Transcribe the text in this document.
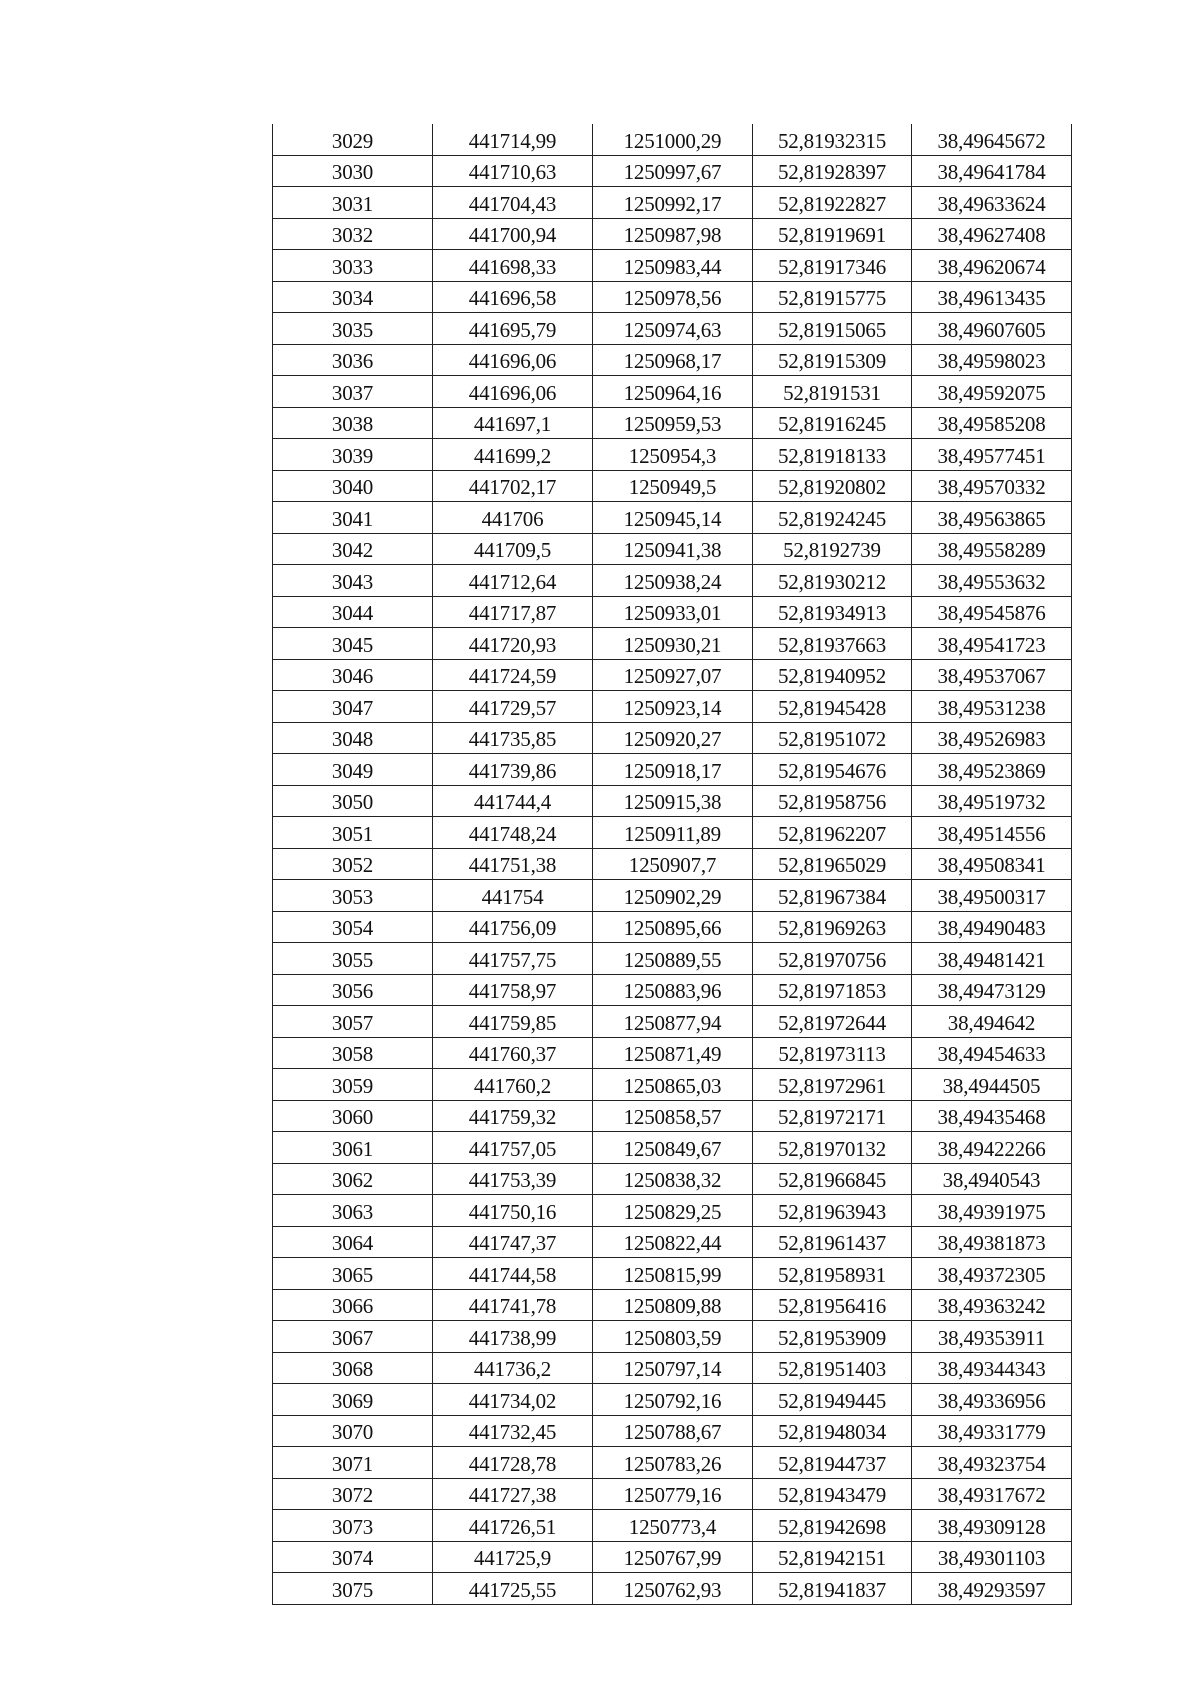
3029	441714,99	1251000,29	52,81932315	38,49645672
3030	441710,63	1250997,67	52,81928397	38,49641784
3031	441704,43	1250992,17	52,81922827	38,49633624
3032	441700,94	1250987,98	52,81919691	38,49627408
3033	441698,33	1250983,44	52,81917346	38,49620674
3034	441696,58	1250978,56	52,81915775	38,49613435
3035	441695,79	1250974,63	52,81915065	38,49607605
3036	441696,06	1250968,17	52,81915309	38,49598023
3037	441696,06	1250964,16	52,8191531	38,49592075
3038	441697,1	1250959,53	52,81916245	38,49585208
3039	441699,2	1250954,3	52,81918133	38,49577451
3040	441702,17	1250949,5	52,81920802	38,49570332
3041	441706	1250945,14	52,81924245	38,49563865
3042	441709,5	1250941,38	52,8192739	38,49558289
3043	441712,64	1250938,24	52,81930212	38,49553632
3044	441717,87	1250933,01	52,81934913	38,49545876
3045	441720,93	1250930,21	52,81937663	38,49541723
3046	441724,59	1250927,07	52,81940952	38,49537067
3047	441729,57	1250923,14	52,81945428	38,49531238
3048	441735,85	1250920,27	52,81951072	38,49526983
3049	441739,86	1250918,17	52,81954676	38,49523869
3050	441744,4	1250915,38	52,81958756	38,49519732
3051	441748,24	1250911,89	52,81962207	38,49514556
3052	441751,38	1250907,7	52,81965029	38,49508341
3053	441754	1250902,29	52,81967384	38,49500317
3054	441756,09	1250895,66	52,81969263	38,49490483
3055	441757,75	1250889,55	52,81970756	38,49481421
3056	441758,97	1250883,96	52,81971853	38,49473129
3057	441759,85	1250877,94	52,81972644	38,494642
3058	441760,37	1250871,49	52,81973113	38,49454633
3059	441760,2	1250865,03	52,81972961	38,4944505
3060	441759,32	1250858,57	52,81972171	38,49435468
3061	441757,05	1250849,67	52,81970132	38,49422266
3062	441753,39	1250838,32	52,81966845	38,4940543
3063	441750,16	1250829,25	52,81963943	38,49391975
3064	441747,37	1250822,44	52,81961437	38,49381873
3065	441744,58	1250815,99	52,81958931	38,49372305
3066	441741,78	1250809,88	52,81956416	38,49363242
3067	441738,99	1250803,59	52,81953909	38,49353911
3068	441736,2	1250797,14	52,81951403	38,49344343
3069	441734,02	1250792,16	52,81949445	38,49336956
3070	441732,45	1250788,67	52,81948034	38,49331779
3071	441728,78	1250783,26	52,81944737	38,49323754
3072	441727,38	1250779,16	52,81943479	38,49317672
3073	441726,51	1250773,4	52,81942698	38,49309128
3074	441725,9	1250767,99	52,81942151	38,49301103
3075	441725,55	1250762,93	52,81941837	38,49293597
